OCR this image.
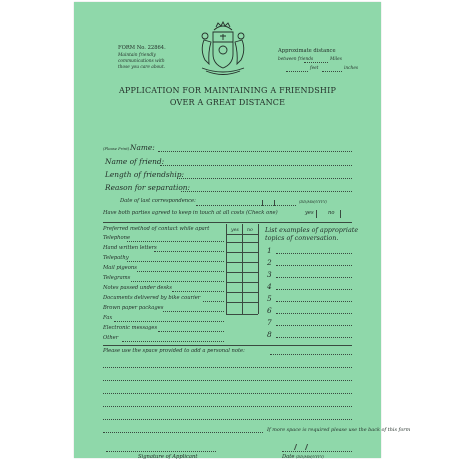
FORM No. 22864.
Maintain friendly
communications with
those you care about.
Approximate distance
between friends	Miles
feet	inches
APPLICATION FOR MAINTAINING A FRIENDSHIP
OVER A GREAT DISTANCE
(Please Print) Name:
Name of friend:
Length of friendship:
Reason for separation:
Date of last correspondence:	(DD/MM/YYYY)
Have both parties agreed to keep in touch at all costs (Check one)	yes	no
Preferred method of contact while apart	yes no
Telephone
Hand written letters
Telepathy
Mail pigeons
Telegrams
Notes passed under desks
Documents delivered by bike courier
Brown paper packages
Fax
Electronic messages
Other
List examples of appropriate
topics of conversation.
1
2
3
4
5
6
7
8
Please use the space provided to add a personal note:
If more space is required please use the back of this form
Signature of Applicant	Date (DD/MM/YYYY)
